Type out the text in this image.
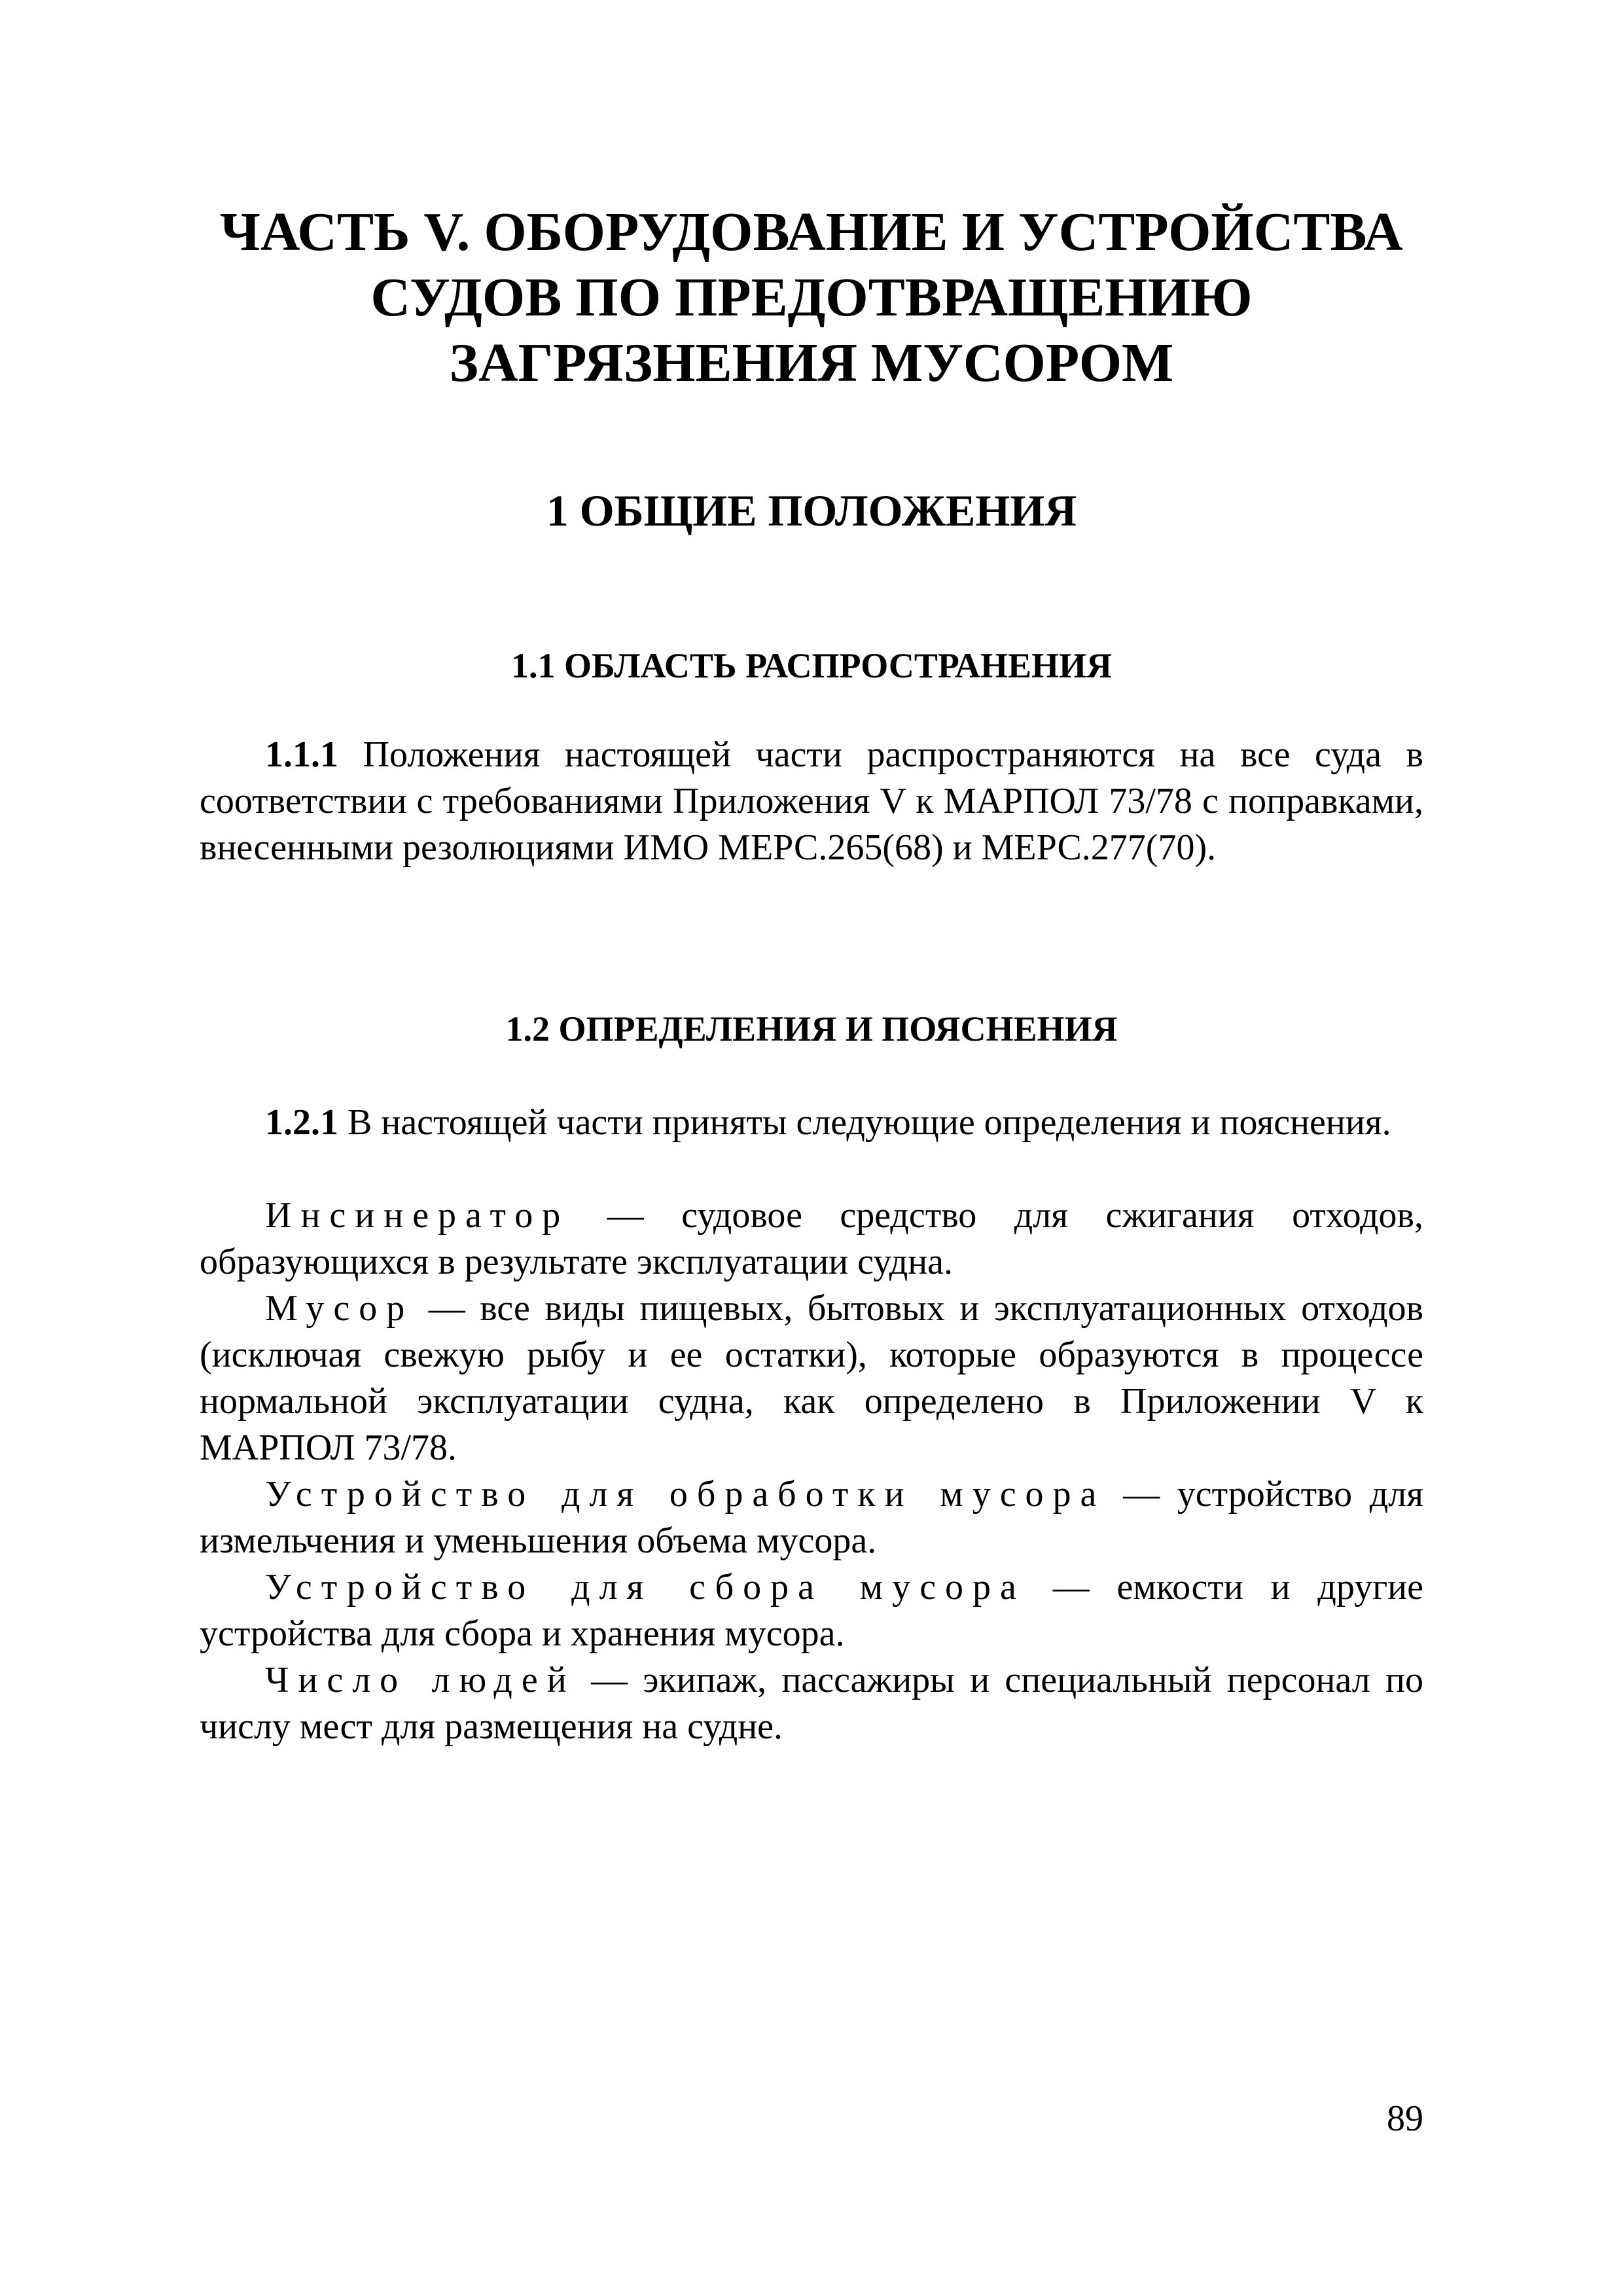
ЧАСТЬ V. ОБОРУДОВАНИЕ И УСТРОЙСТВА
СУДОВ ПО ПРЕДОТВРАЩЕНИЮ
ЗАГРЯЗНЕНИЯ МУСОРОМ
1 ОБЩИЕ ПОЛОЖЕНИЯ
1.1 ОБЛАСТЬ РАСПРОСТРАНЕНИЯ

1.1.1 Положения настоящей части распространяются на все суда в соответствии с требованиями Приложения V к МАРПОЛ 73/78 с поправками, внесенными резолюциями ИМО МЕРС.265(68) и МЕРС.277(70).

1.2 ОПРЕДЕЛЕНИЯ И ПОЯСНЕНИЯ

1.2.1 В настоящей части приняты следующие определения и пояснения.

Инсинератор — судовое средство для сжигания отходов, образующихся в результате эксплуатации судна.

Мусор — все виды пищевых, бытовых и эксплуатационных отходов (исключая свежую рыбу и ее остатки), которые образуются в процессе нормальной эксплуатации судна, как определено в Приложении V к МАРПОЛ 73/78.

Устройство для обработки мусора — устройство для измельчения и уменьшения объема мусора.

Устройство для сбора мусора — емкости и другие устройства для сбора и хранения мусора.

Число людей — экипаж, пассажиры и специальный персонал по числу мест для размещения на судне.

89
